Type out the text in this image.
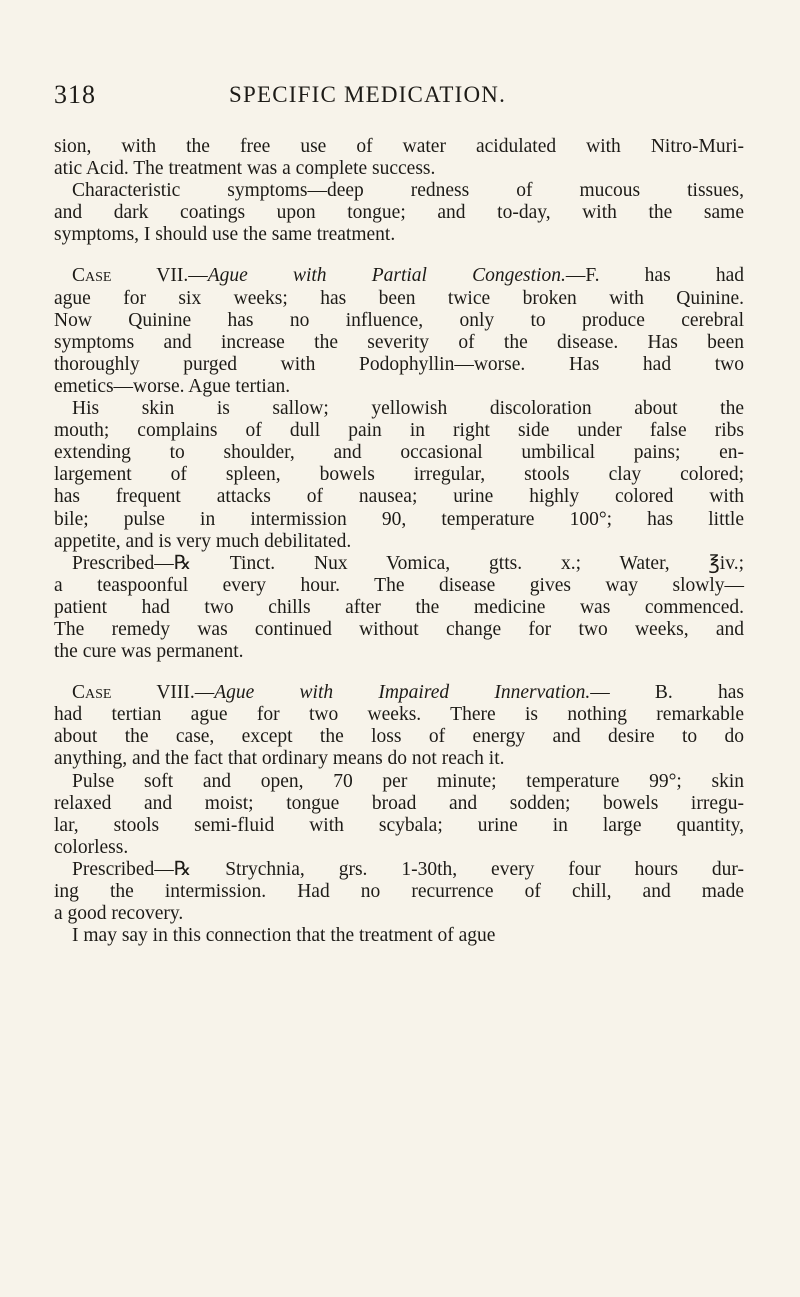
318	SPECIFIC MEDICATION.
sion, with the free use of water acidulated with Nitro-Muri-
atic Acid. The treatment was a complete success.
Characteristic symptoms—deep redness of mucous tissues,
and dark coatings upon tongue; and to-day, with the same
symptoms, I should use the same treatment.
Case VII.—Ague with Partial Congestion.—F. has had
ague for six weeks; has been twice broken with Quinine.
Now Quinine has no influence, only to produce cerebral
symptoms and increase the severity of the disease. Has been
thoroughly purged with Podophyllin—worse. Has had two
emetics—worse. Ague tertian.
His skin is sallow; yellowish discoloration about the
mouth; complains of dull pain in right side under false ribs
extending to shoulder, and occasional umbilical pains; en-
largement of spleen, bowels irregular, stools clay colored;
has frequent attacks of nausea; urine highly colored with
bile; pulse in intermission 90, temperature 100°; has little
appetite, and is very much debilitated.
Prescribed—℞ Tinct. Nux Vomica, gtts. x.; Water, ℥iv.;
a teaspoonful every hour. The disease gives way slowly—
patient had two chills after the medicine was commenced.
The remedy was continued without change for two weeks, and
the cure was permanent.
Case VIII.—Ague with Impaired Innervation.— B. has
had tertian ague for two weeks. There is nothing remarkable
about the case, except the loss of energy and desire to do
anything, and the fact that ordinary means do not reach it.
Pulse soft and open, 70 per minute; temperature 99°; skin
relaxed and moist; tongue broad and sodden; bowels irregu-
lar, stools semi-fluid with scybala; urine in large quantity,
colorless.
Prescribed—℞ Strychnia, grs. 1-30th, every four hours dur-
ing the intermission. Had no recurrence of chill, and made
a good recovery.
I may say in this connection that the treatment of ague
